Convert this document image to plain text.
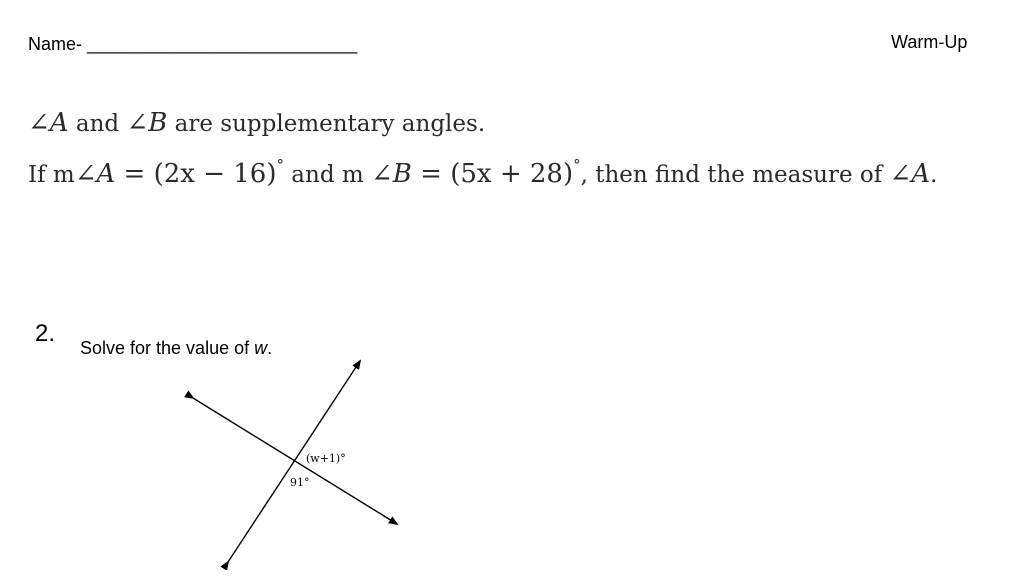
Name- ___________________________	Warm-Up
∠A and ∠B are supplementary angles.
If m∠A = (2x − 16)° and m ∠B = (5x + 28)°, then find the measure of ∠A.
2.
Solve for the value of w.
(w+1)°
91°
